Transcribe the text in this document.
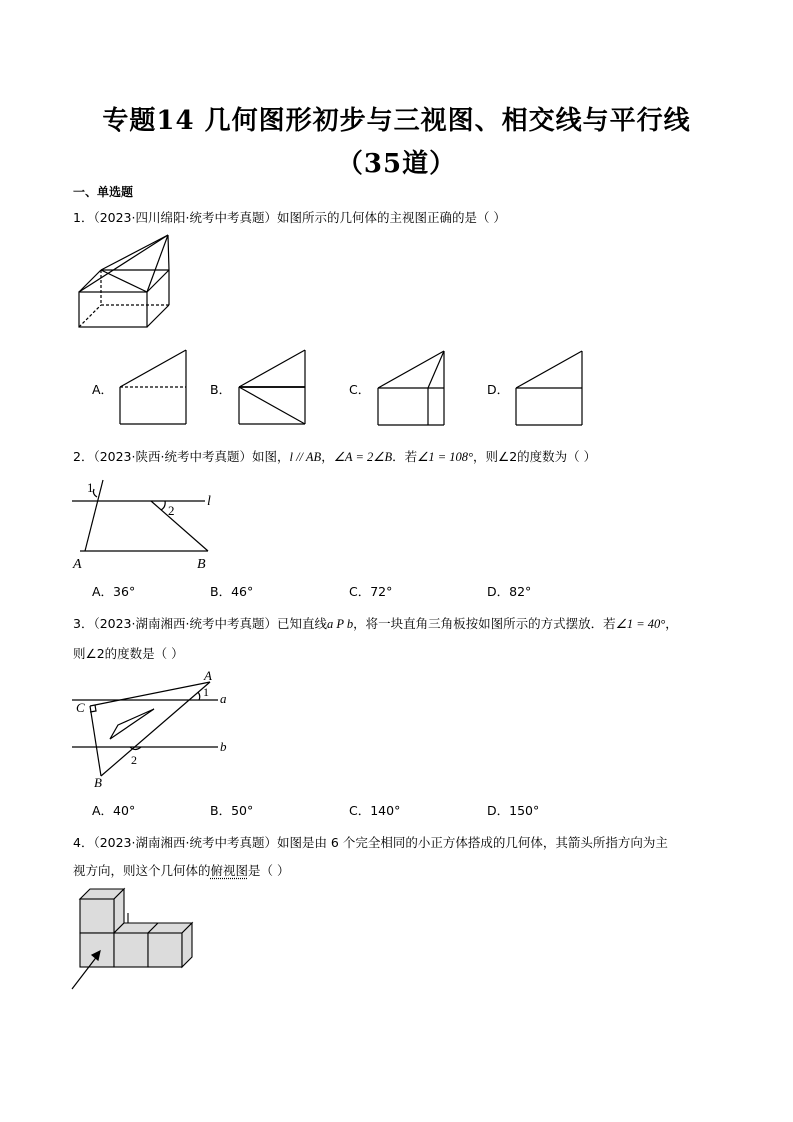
专题14 几何图形初步与三视图、相交线与平行线
（35道）
一、单选题
1．（2023·四川绵阳·统考中考真题）如图所示的几何体的主视图正确的是（ ）
A．	B．	C．	D．
2．（2023·陕西·统考中考真题）如图，l // AB，∠A = 2∠B．若∠1 = 108°，则∠2的度数为（ ）
1
2
l
A	B
A．36°	B．46°	C．72°	D．82°
3．（2023·湖南湘西·统考中考真题）已知直线a P b，将一块直角三角板按如图所示的方式摆放．若∠1 = 40°，
则∠2的度数是（ ）
A
C
B
a
b
1
2
A．40°	B．50°	C．140°	D．150°
4．（2023·湖南湘西·统考中考真题）如图是由 6 个完全相同的小正方体搭成的几何体，其箭头所指方向为主
视方向，则这个几何体的俯视图是（ ）
